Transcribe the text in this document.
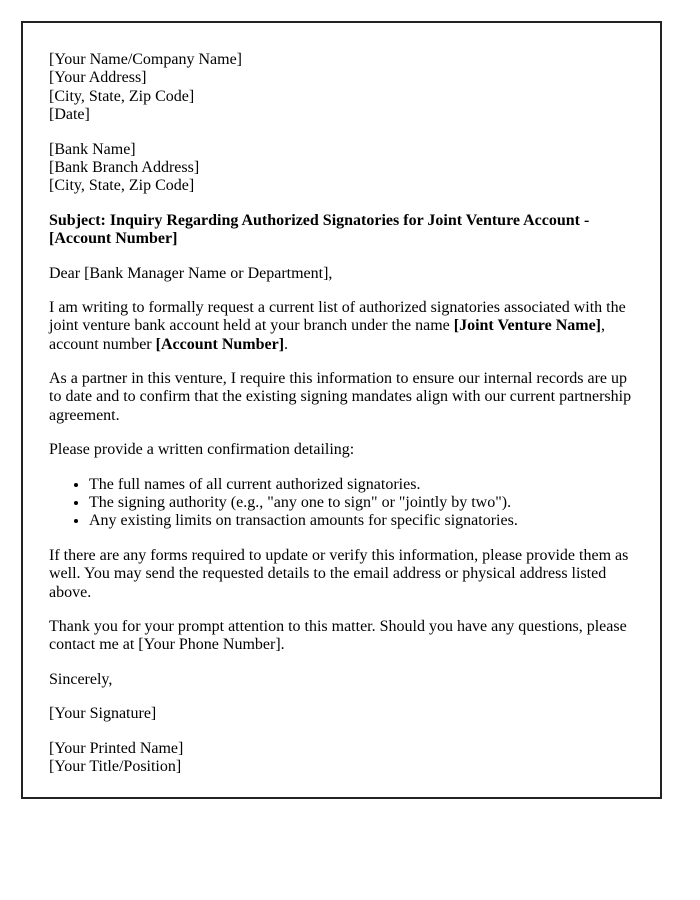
[Your Name/Company Name]
[Your Address]
[City, State, Zip Code]
[Date]
[Bank Name]
[Bank Branch Address]
[City, State, Zip Code]
Subject: Inquiry Regarding Authorized Signatories for Joint Venture Account - [Account Number]
Dear [Bank Manager Name or Department],
I am writing to formally request a current list of authorized signatories associated with the joint venture bank account held at your branch under the name [Joint Venture Name], account number [Account Number].
As a partner in this venture, I require this information to ensure our internal records are up to date and to confirm that the existing signing mandates align with our current partnership agreement.
Please provide a written confirmation detailing:
• The full names of all current authorized signatories.
• The signing authority (e.g., "any one to sign" or "jointly by two").
• Any existing limits on transaction amounts for specific signatories.
If there are any forms required to update or verify this information, please provide them as well. You may send the requested details to the email address or physical address listed above.
Thank you for your prompt attention to this matter. Should you have any questions, please contact me at [Your Phone Number].
Sincerely,
[Your Signature]
[Your Printed Name]
[Your Title/Position]
